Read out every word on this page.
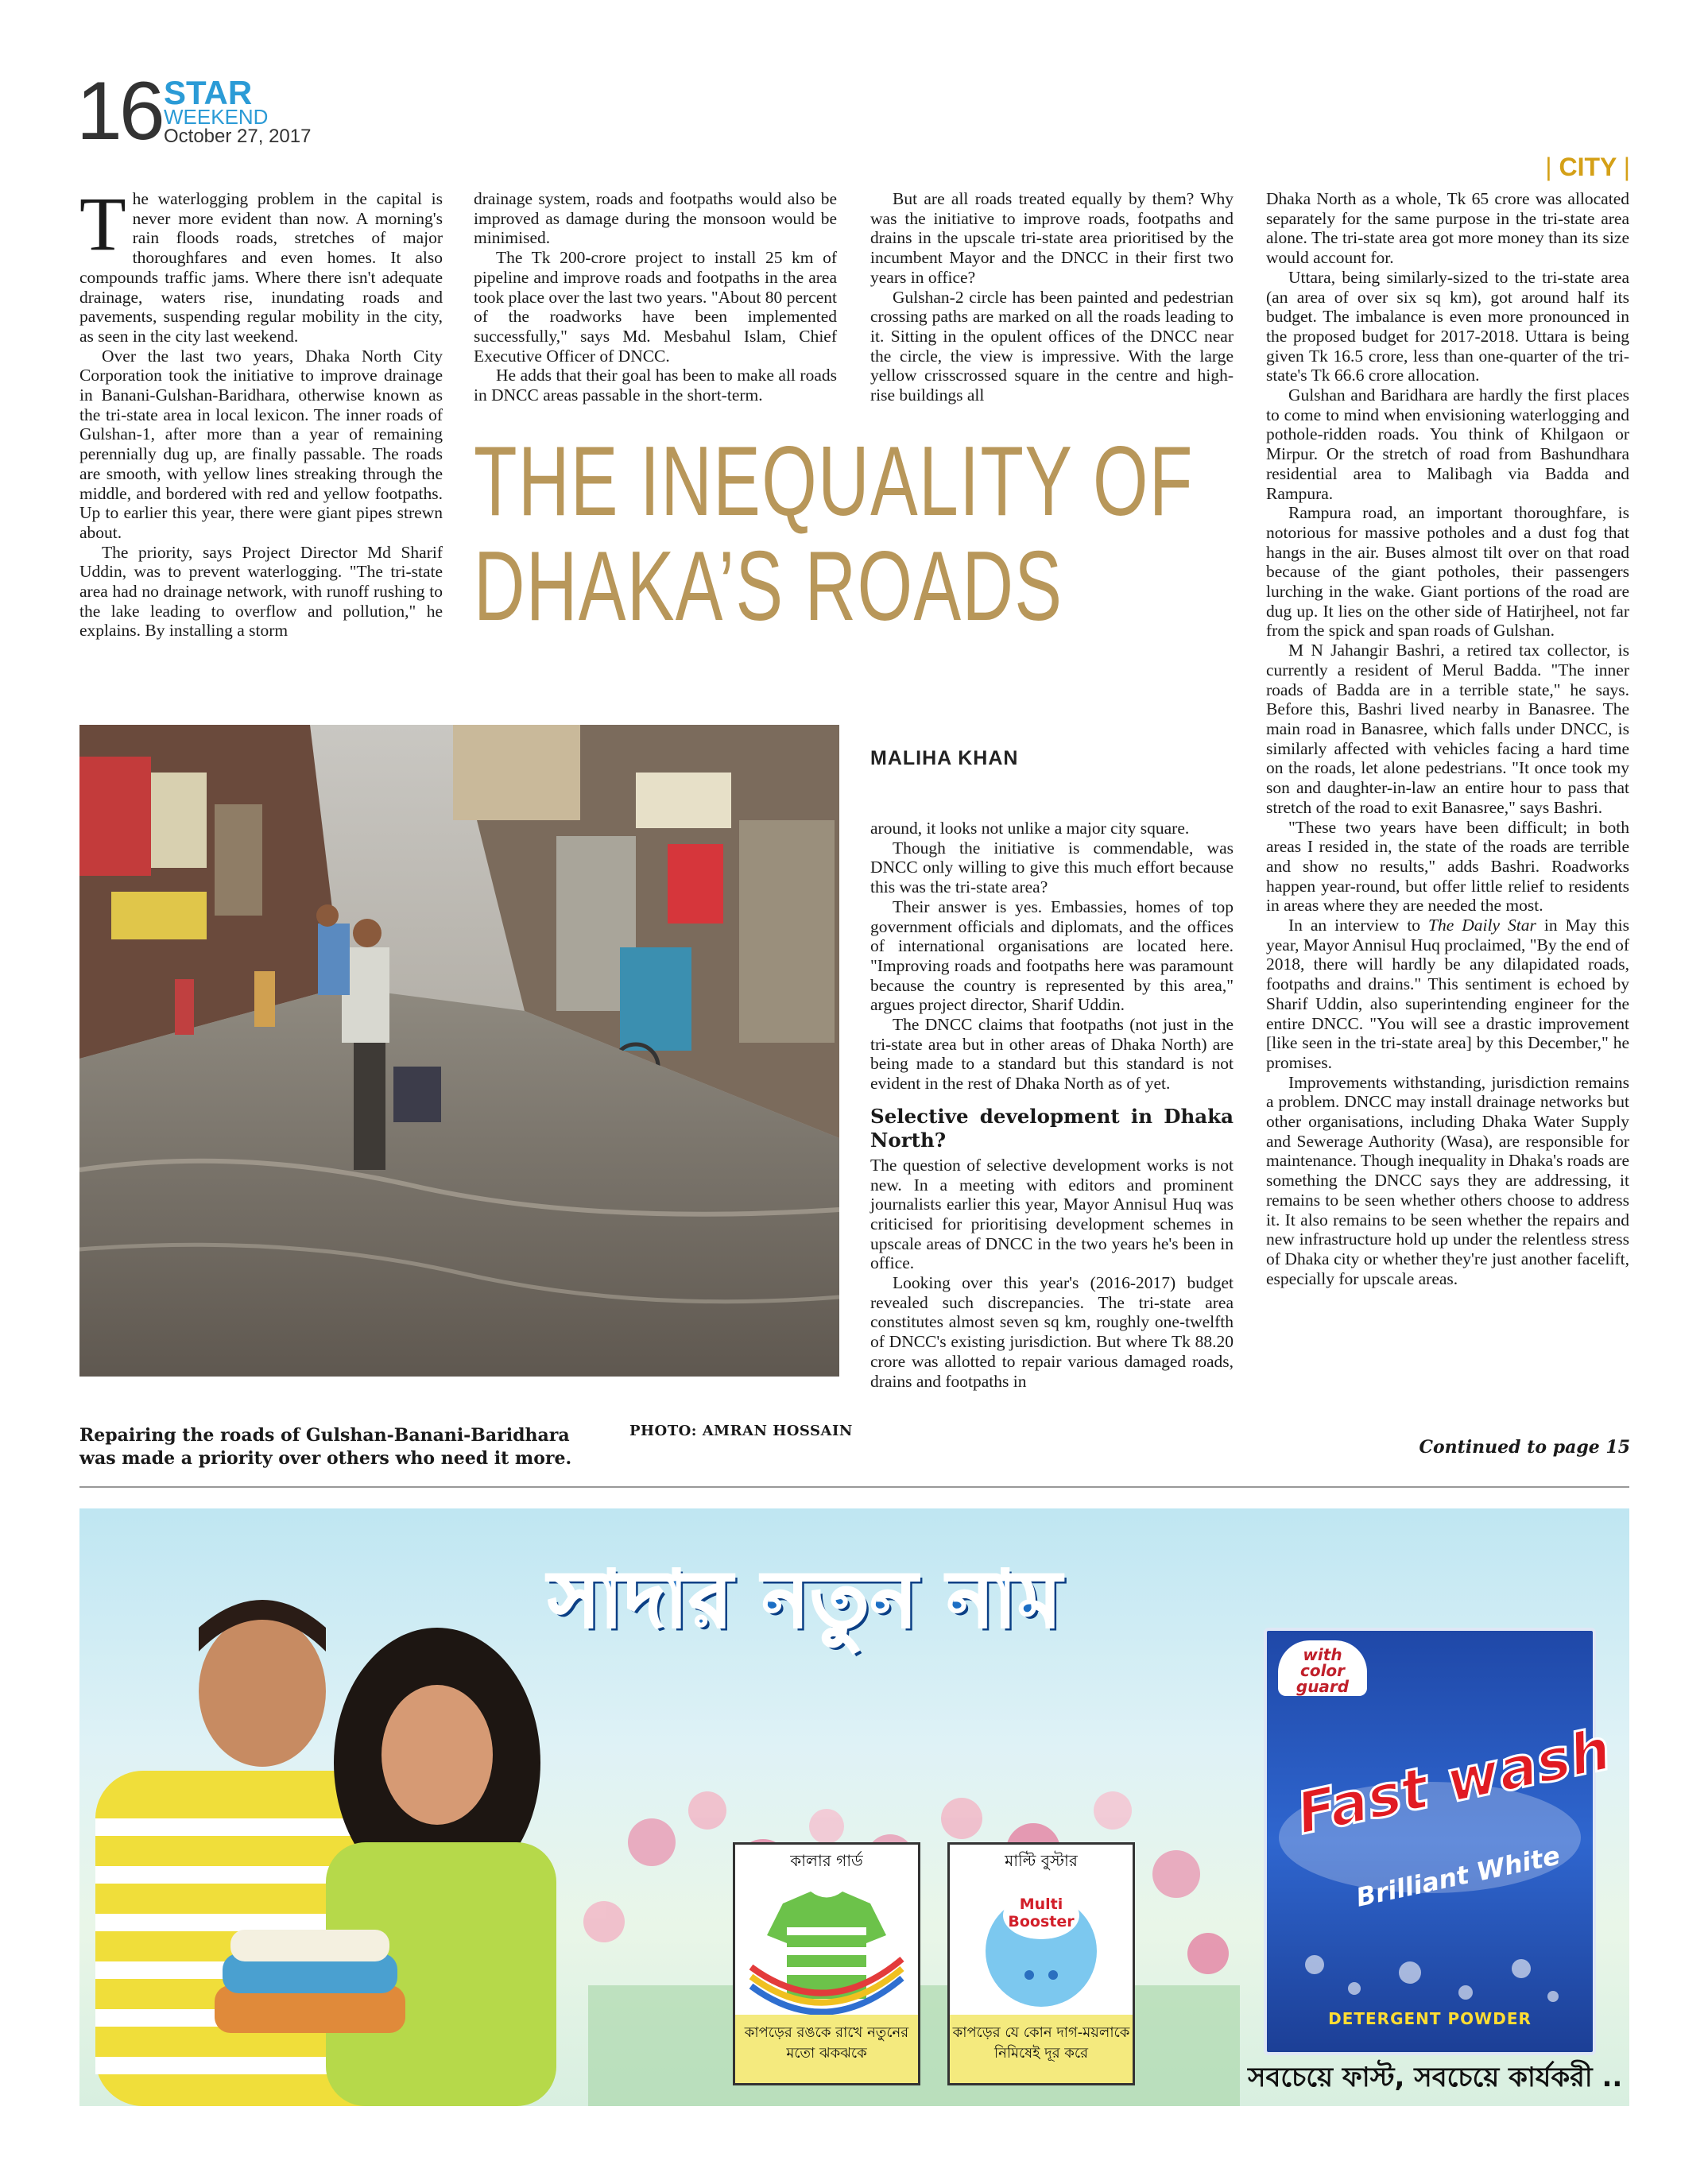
16 STAR
WEEKEND
October 27, 2017
| CITY |

The waterlogging problem in the capital is never more evident than now. A morning's rain floods roads, stretches of major thoroughfares and even homes. It also compounds traffic jams. Where there isn't adequate drainage, waters rise, inundating roads and pavements, suspending regular mobility in the city, as seen in the city last weekend.

Over the last two years, Dhaka North City Corporation took the initiative to improve drainage in Banani-Gulshan-Baridhara, otherwise known as the tri-state area in local lexicon. The inner roads of Gulshan-1, after more than a year of remaining perennially dug up, are finally passable. The roads are smooth, with yellow lines streaking through the middle, and bordered with red and yellow footpaths. Up to earlier this year, there were giant pipes strewn about.

The priority, says Project Director Md Sharif Uddin, was to prevent waterlogging. "The tri-state area had no drainage network, with runoff rushing to the lake leading to overflow and pollution," he explains. By installing a storm

drainage system, roads and footpaths would also be improved as damage during the monsoon would be minimised.

The Tk 200-crore project to install 25 km of pipeline and improve roads and footpaths in the area took place over the last two years. "About 80 percent of the roadworks have been implemented successfully," says Md. Mesbahul Islam, Chief Executive Officer of DNCC.

He adds that their goal has been to make all roads in DNCC areas passable in the short-term.

But are all roads treated equally by them? Why was the initiative to improve roads, footpaths and drains in the upscale tri-state area prioritised by the incumbent Mayor and the DNCC in their first two years in office?

Gulshan-2 circle has been painted and pedestrian crossing paths are marked on all the roads leading to it. Sitting in the opulent offices of the DNCC near the circle, the view is impressive. With the large yellow crisscrossed square in the centre and high-rise buildings all

THE INEQUALITY OF
DHAKA’S ROADS

Dhaka North as a whole, Tk 65 crore was allocated separately for the same purpose in the tri-state area alone. The tri-state area got more money than its size would account for.

Uttara, being similarly-sized to the tri-state area (an area of over six sq km), got around half its budget. The imbalance is even more pronounced in the proposed budget for 2017-2018. Uttara is being given Tk 16.5 crore, less than one-quarter of the tri-state's Tk 66.6 crore allocation.

Gulshan and Baridhara are hardly the first places to come to mind when envisioning waterlogging and pothole-ridden roads. You think of Khilgaon or Mirpur. Or the stretch of road from Bashundhara residential area to Malibagh via Badda and Rampura.

Rampura road, an important thoroughfare, is notorious for massive potholes and a dust fog that hangs in the air. Buses almost tilt over on that road because of the giant potholes, their passengers lurching in the wake. Giant portions of the road are dug up. It lies on the other side of Hatirjheel, not far from the spick and span roads of Gulshan.

M N Jahangir Bashri, a retired tax collector, is currently a resident of Merul Badda. "The inner roads of Badda are in a terrible state," he says. Before this, Bashri lived nearby in Banasree. The main road in Banasree, which falls under DNCC, is similarly affected with vehicles facing a hard time on the roads, let alone pedestrians. "It once took my son and daughter-in-law an entire hour to pass that stretch of the road to exit Banasree," says Bashri.

"These two years have been difficult; in both areas I resided in, the state of the roads are terrible and show no results," adds Bashri. Roadworks happen year-round, but offer little relief to residents in areas where they are needed the most.

In an interview to The Daily Star in May this year, Mayor Annisul Huq proclaimed, "By the end of 2018, there will hardly be any dilapidated roads, footpaths and drains." This sentiment is echoed by Sharif Uddin, also superintending engineer for the entire DNCC. "You will see a drastic improvement [like seen in the tri-state area] by this December," he promises.

Improvements withstanding, jurisdiction remains a problem. DNCC may install drainage networks but other organisations, including Dhaka Water Supply and Sewerage Authority (Wasa), are responsible for maintenance. Though inequality in Dhaka's roads are something the DNCC says they are addressing, it remains to be seen whether others choose to address it. It also remains to be seen whether the repairs and new infrastructure hold up under the relentless stress of Dhaka city or whether they're just another facelift, especially for upscale areas.

MALIHA KHAN

around, it looks not unlike a major city square.

Though the initiative is commendable, was DNCC only willing to give this much effort because this was the tri-state area?

Their answer is yes. Embassies, homes of top government officials and diplomats, and the offices of international organisations are located here. "Improving roads and footpaths here was paramount because the country is represented by this area," argues project director, Sharif Uddin.

The DNCC claims that footpaths (not just in the tri-state area but in other areas of Dhaka North) are being made to a standard but this standard is not evident in the rest of Dhaka North as of yet.

Selective development in Dhaka North?

The question of selective development works is not new. In a meeting with editors and prominent journalists earlier this year, Mayor Annisul Huq was criticised for prioritising development schemes in upscale areas of DNCC in the two years he's been in office.

Looking over this year's (2016-2017) budget revealed such discrepancies. The tri-state area constitutes almost seven sq km, roughly one-twelfth of DNCC's existing jurisdiction. But where Tk 88.20 crore was allotted to repair various damaged roads, drains and footpaths in

Repairing the roads of Gulshan-Banani-Baridhara was made a priority over others who need it more.
PHOTO: AMRAN HOSSAIN
Continued to page 15
সাদার নতুন নাম
কালার গার্ড
কাপড়ের রঙকে রাখে নতুনের মতো ঝকঝকে
মাল্টি বুস্টার
Multi Booster
কাপড়ের যে কোন দাগ-ময়লাকে নিমিষেই দূর করে
with color guard
Fast wash
Brilliant White
DETERGENT POWDER
সবচেয়ে ফাস্ট, সবচেয়ে কার্যকরী ..
